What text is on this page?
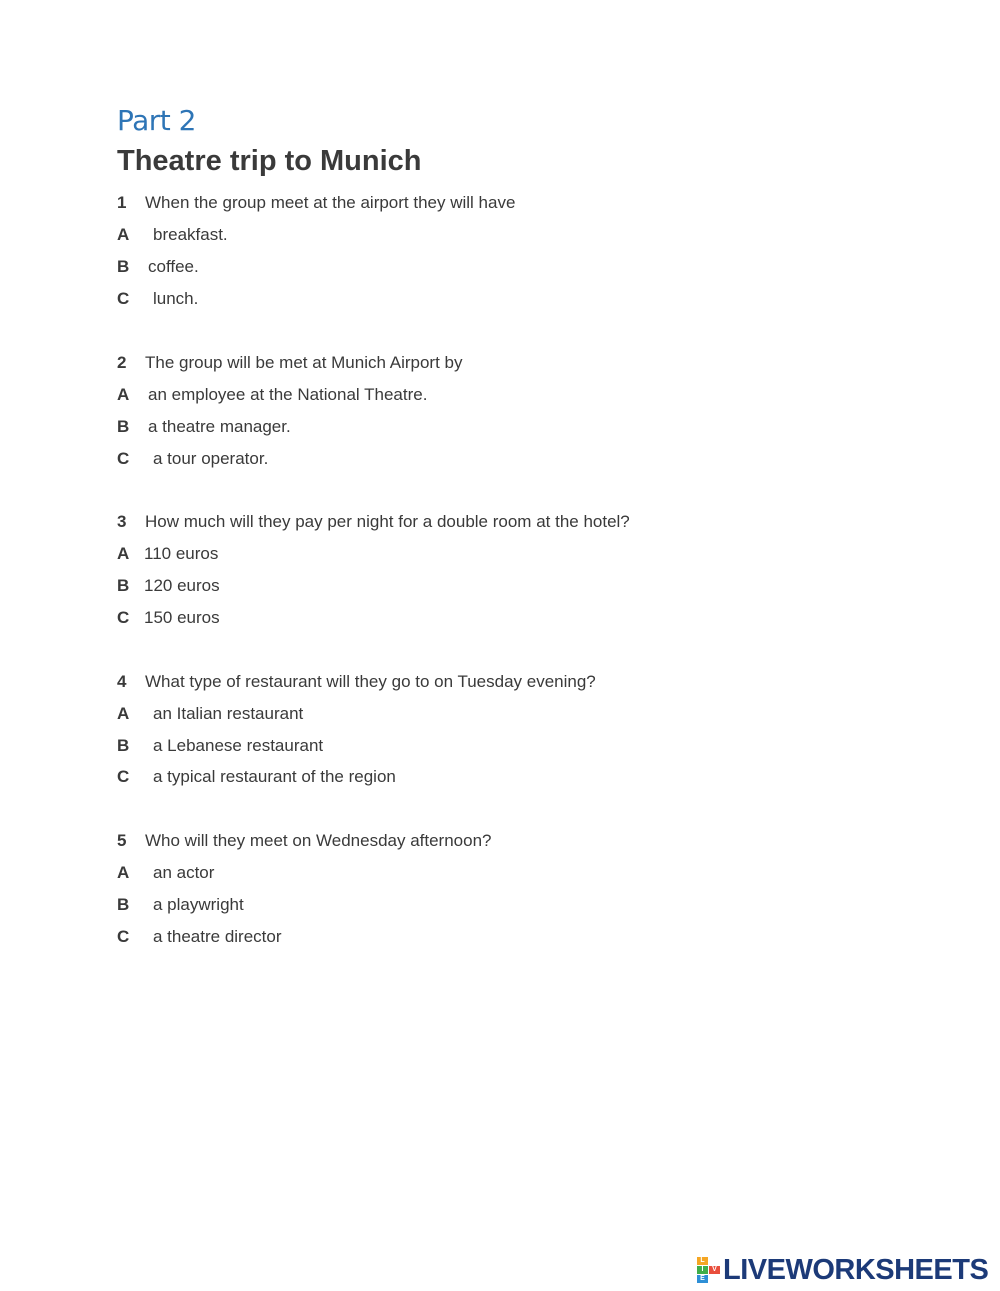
Part 2
Theatre trip to Munich
1 When the group meet at the airport they will have
A breakfast.
B coffee.
C lunch.
2 The group will be met at Munich Airport by
A an employee at the National Theatre.
B a theatre manager.
C a tour operator.
3 How much will they pay per night for a double room at the hotel?
A 110 euros
B 120 euros
C 150 euros
4 What type of restaurant will they go to on Tuesday evening?
A an Italian restaurant
B a Lebanese restaurant
C a typical restaurant of the region
5 Who will they meet on Wednesday afternoon?
A an actor
B a playwright
C a theatre director
L
I	V
E LIVEWORKSHEETS
